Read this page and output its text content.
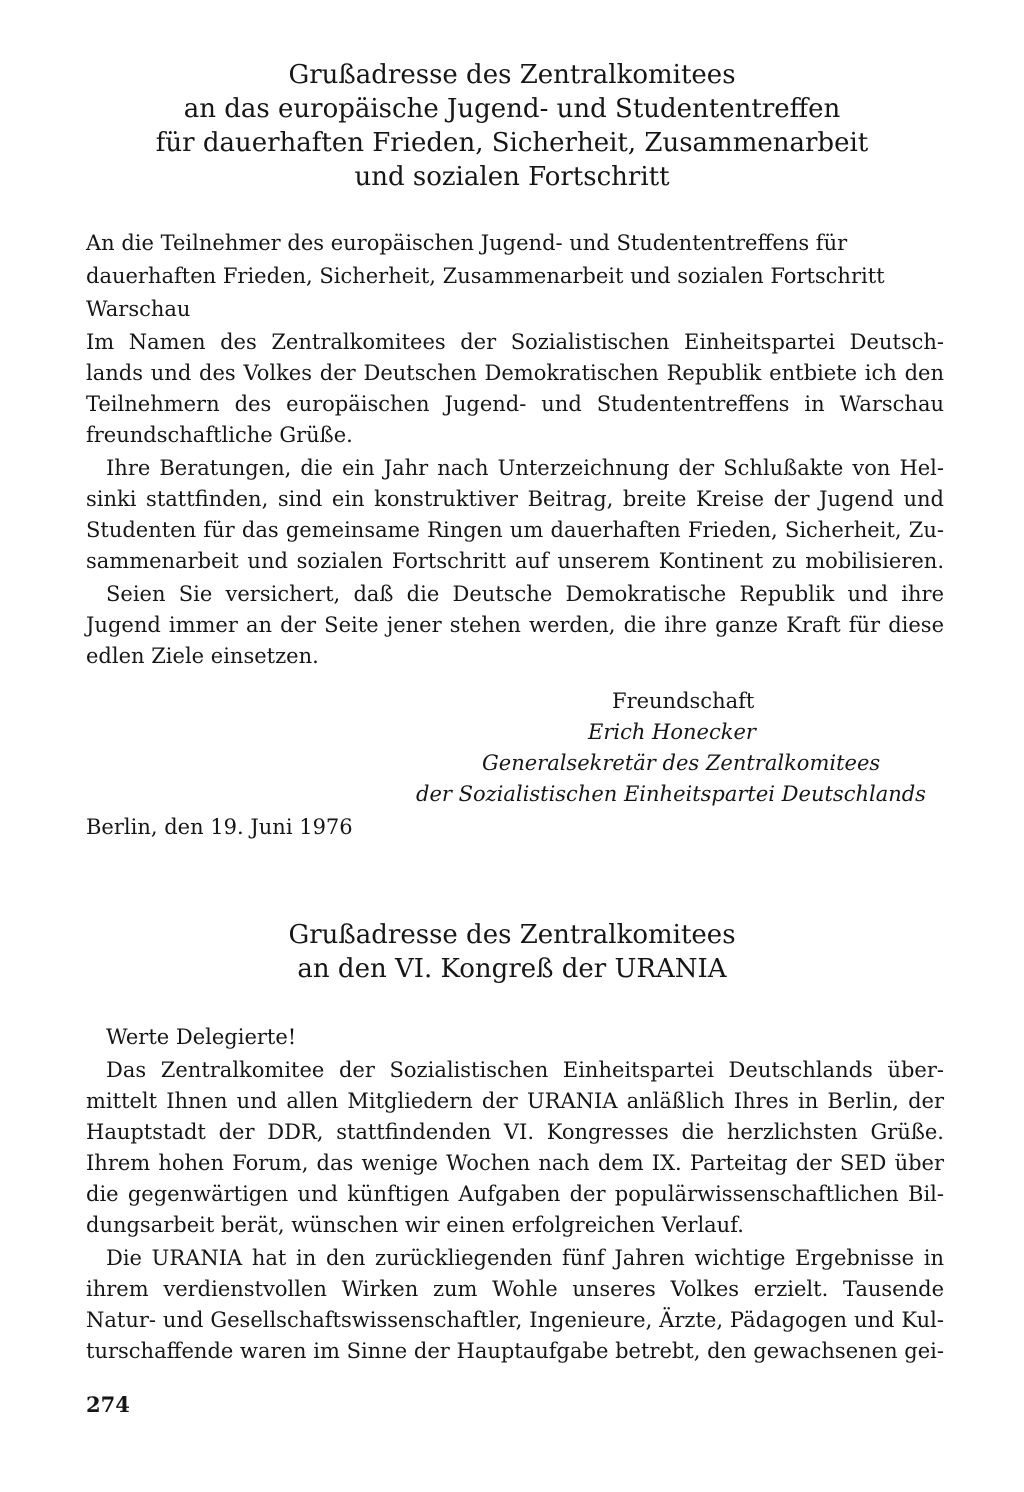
Grußadresse des Zentralkomitees
an das europäische Jugend- und Studententreffen
für dauerhaften Frieden, Sicherheit, Zusammenarbeit
und sozialen Fortschritt
An die Teilnehmer des europäischen Jugend- und Studententreffens für
dauerhaften Frieden, Sicherheit, Zusammenarbeit und sozialen Fortschritt
Warschau
Im Namen des Zentralkomitees der Sozialistischen Einheitspartei Deutsch-
lands und des Volkes der Deutschen Demokratischen Republik entbiete ich den
Teilnehmern des europäischen Jugend- und Studententreffens in Warschau
freundschaftliche Grüße.
Ihre Beratungen, die ein Jahr nach Unterzeichnung der Schlußakte von Hel-
sinki stattfinden, sind ein konstruktiver Beitrag, breite Kreise der Jugend und
Studenten für das gemeinsame Ringen um dauerhaften Frieden, Sicherheit, Zu-
sammenarbeit und sozialen Fortschritt auf unserem Kontinent zu mobilisieren.
Seien Sie versichert, daß die Deutsche Demokratische Republik und ihre
Jugend immer an der Seite jener stehen werden, die ihre ganze Kraft für diese
edlen Ziele einsetzen.
Freundschaft
Erich Honecker
Generalsekretär des Zentralkomitees
der Sozialistischen Einheitspartei Deutschlands
Berlin, den 19. Juni 1976
Grußadresse des Zentralkomitees
an den VI. Kongreß der URANIA
Werte Delegierte!
Das Zentralkomitee der Sozialistischen Einheitspartei Deutschlands über-
mittelt Ihnen und allen Mitgliedern der URANIA anläßlich Ihres in Berlin, der
Hauptstadt der DDR, stattfindenden VI. Kongresses die herzlichsten Grüße.
Ihrem hohen Forum, das wenige Wochen nach dem IX. Parteitag der SED über
die gegenwärtigen und künftigen Aufgaben der populärwissenschaftlichen Bil-
dungsarbeit berät, wünschen wir einen erfolgreichen Verlauf.
Die URANIA hat in den zurückliegenden fünf Jahren wichtige Ergebnisse in
ihrem verdienstvollen Wirken zum Wohle unseres Volkes erzielt. Tausende
Natur- und Gesellschaftswissenschaftler, Ingenieure, Ärzte, Pädagogen und Kul-
turschaffende waren im Sinne der Hauptaufgabe betrebt, den gewachsenen gei-
274
